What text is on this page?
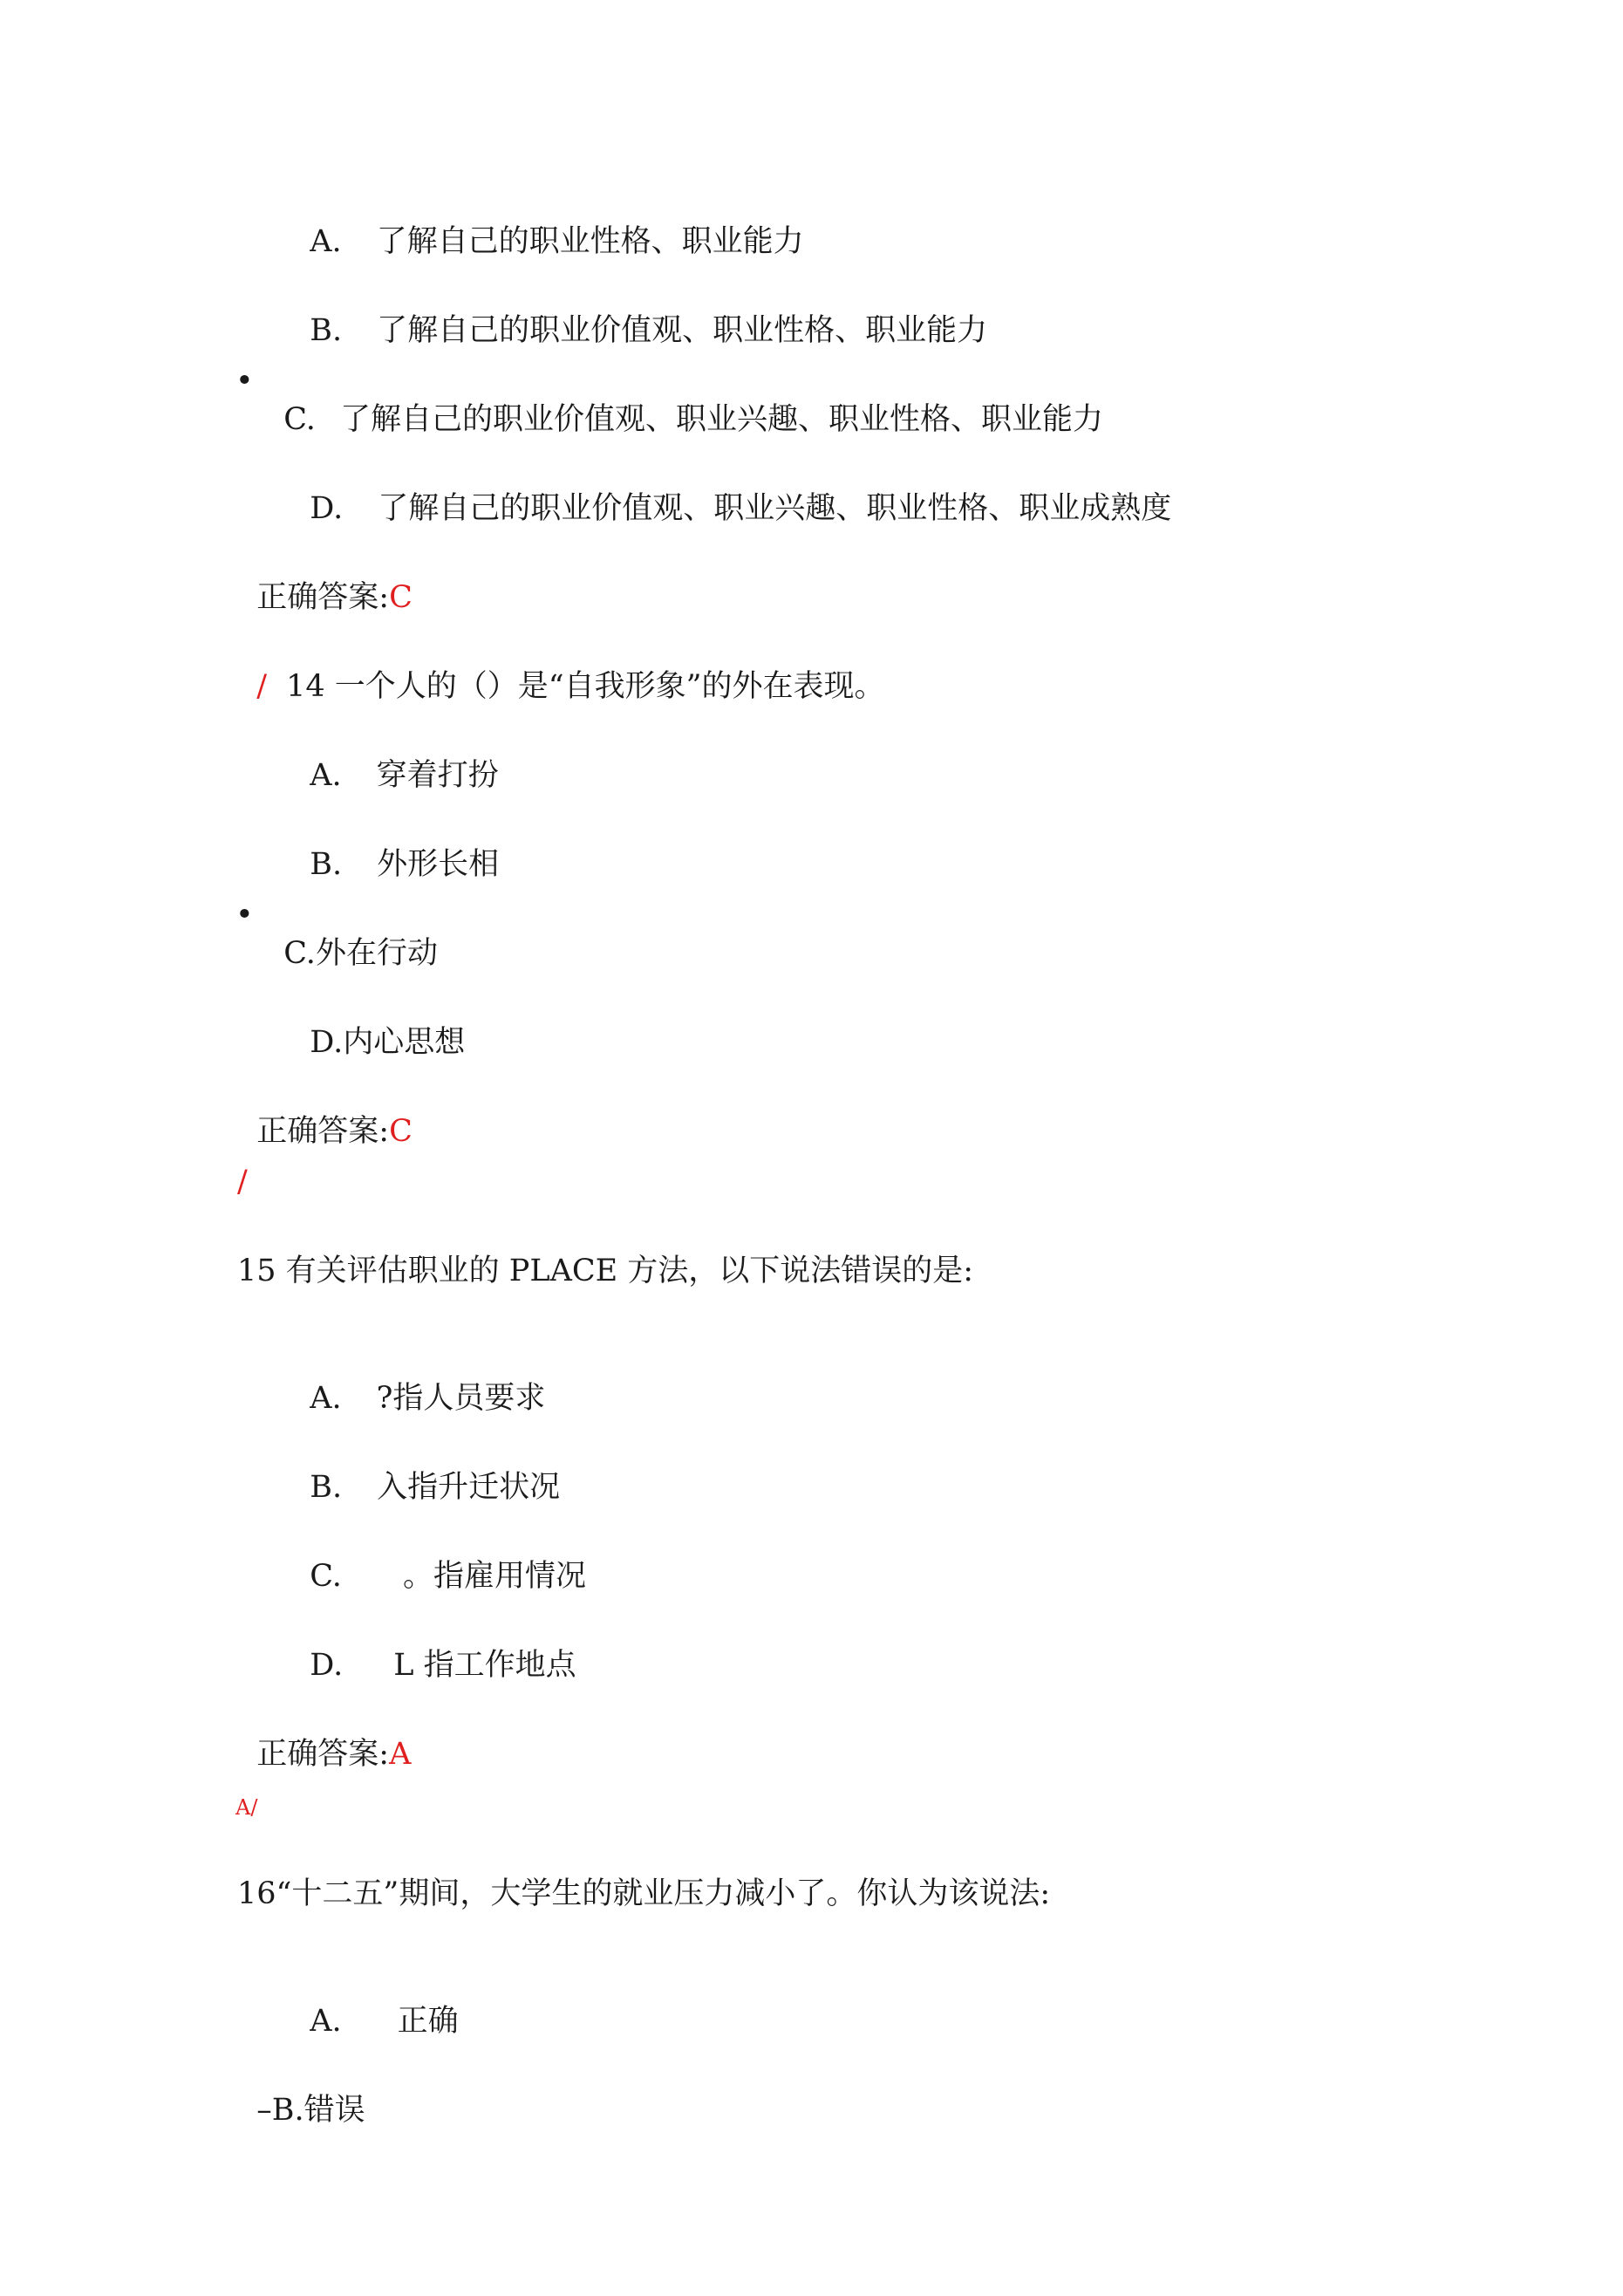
A. 了解自己的职业性格、职业能力

B. 了解自己的职业价值观、职业性格、职业能力

•

C. 了解自己的职业价值观、职业兴趣、职业性格、职业能力

D. 了解自己的职业价值观、职业兴趣、职业性格、职业成熟度

正确答案:C

/ 14 一个人的（）是“自我形象”的外在表现。

A. 穿着打扮

B. 外形长相

•

C.外在行动

D.内心思想

正确答案:C

/
15 有关评估职业的 PLACE 方法，以下说法错误的是:

A. ?指人员要求

B. 入指升迁状况

C. 。指雇用情况

D. L 指工作地点

正确答案:A

A/
16“十二五”期间，大学生的就业压力减小了。你认为该说法:

A. 正确

–B.错误
